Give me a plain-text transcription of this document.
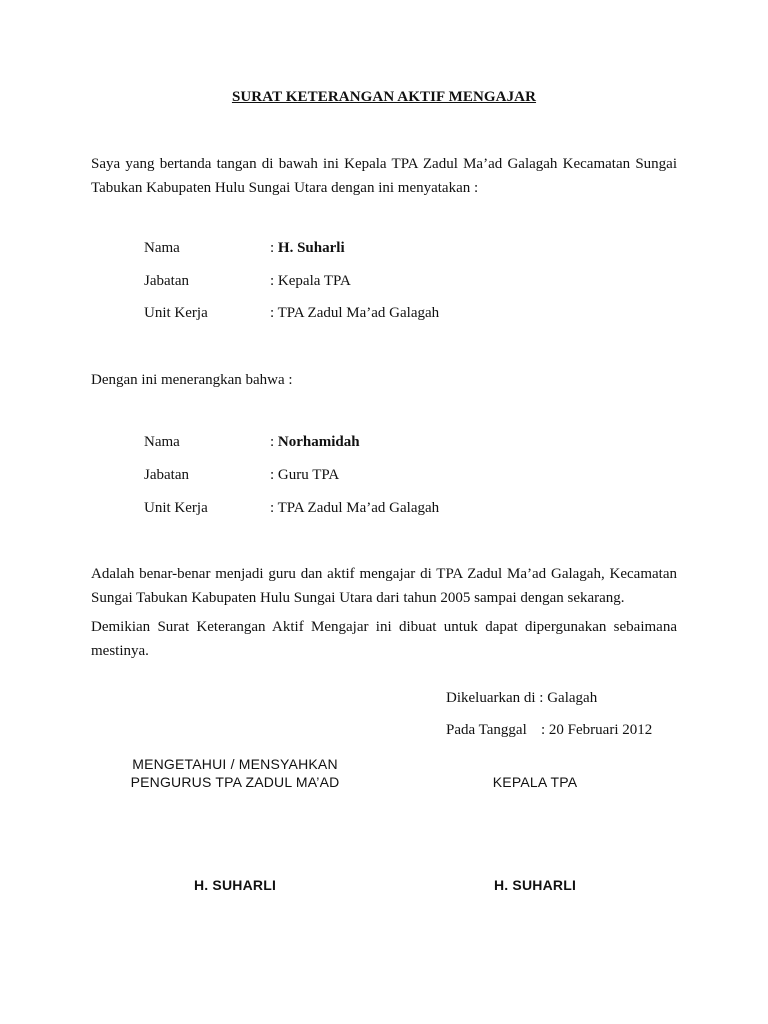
SURAT KETERANGAN AKTIF MENGAJAR
Saya yang bertanda tangan di bawah ini Kepala TPA Zadul Ma’ad Galagah Kecamatan Sungai
Tabukan Kabupaten Hulu Sungai Utara dengan ini menyatakan :
Nama	: H. Suharli
Jabatan	: Kepala TPA
Unit Kerja	: TPA Zadul Ma’ad Galagah
Dengan ini menerangkan bahwa :
Nama	: Norhamidah
Jabatan	: Guru TPA
Unit Kerja	: TPA Zadul Ma’ad Galagah
Adalah benar-benar menjadi guru dan aktif mengajar di TPA Zadul Ma’ad Galagah, Kecamatan
Sungai Tabukan Kabupaten Hulu Sungai Utara dari tahun 2005 sampai dengan sekarang.
Demikian Surat Keterangan Aktif Mengajar ini dibuat untuk dapat dipergunakan sebaimana
mestinya.
Dikeluarkan di : Galagah
Pada Tanggal : 20 Februari 2012
MENGETAHUI / MENSYAHKAN
PENGURUS TPA ZADUL MA’AD	KEPALA TPA
H. SUHARLI	H. SUHARLI
